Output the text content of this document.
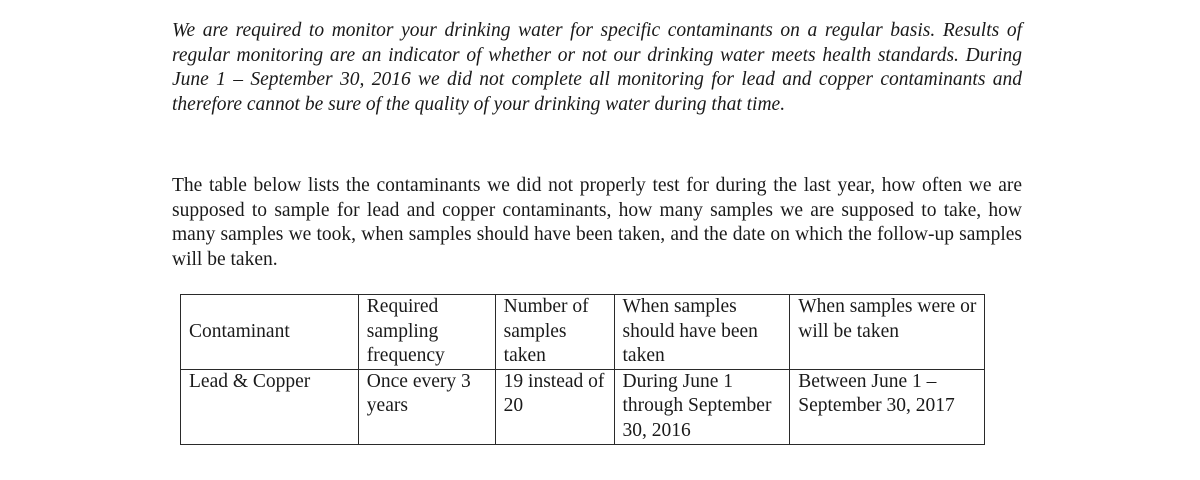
We are required to monitor your drinking water for specific contaminants on a regular basis. Results of regular monitoring are an indicator of whether or not our drinking water meets health standards. During June 1 – September 30, 2016 we did not complete all monitoring for lead and copper contaminants and therefore cannot be sure of the quality of your drinking water during that time.

The table below lists the contaminants we did not properly test for during the last year, how often we are supposed to sample for lead and copper contaminants, how many samples we are supposed to take, how many samples we took, when samples should have been taken, and the date on which the follow-up samples will be taken.

Contaminant	Required sampling frequency	Number of samples taken	When samples should have been taken	When samples were or will be taken
Lead & Copper	Once every 3 years	19 instead of 20	During June 1 through September 30, 2016	Between June 1 – September 30, 2017
